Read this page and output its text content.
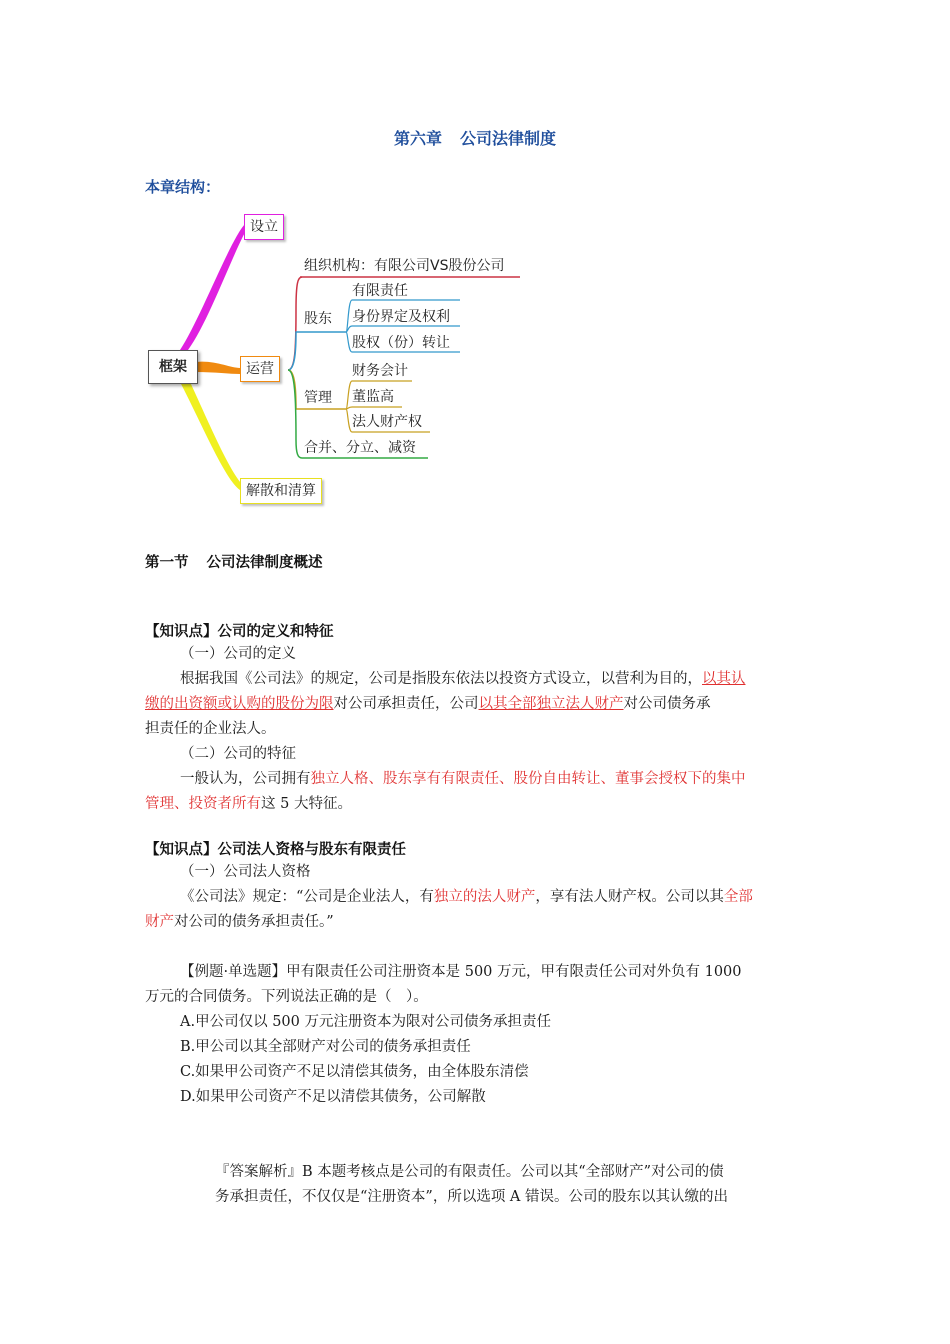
第六章 公司法律制度
本章结构：
框架
设立
运营
解散和清算
组织机构：有限公司VS股份公司
股东
有限责任
身份界定及权利
股权（份）转让
管理
财务会计
董监高
法人财产权
合并、分立、减资
第一节 公司法律制度概述
【知识点】公司的定义和特征
（一）公司的定义
根据我国《公司法》的规定，公司是指股东依法以投资方式设立，以营利为目的，以其认
缴的出资额或认购的股份为限对公司承担责任，公司以其全部独立法人财产对公司债务承
担责任的企业法人。
（二）公司的特征
一般认为，公司拥有独立人格、股东享有有限责任、股份自由转让、董事会授权下的集中
管理、投资者所有这 5 大特征。
【知识点】公司法人资格与股东有限责任
（一）公司法人资格
《公司法》规定：“公司是企业法人，有独立的法人财产，享有法人财产权。公司以其全部
财产对公司的债务承担责任。”
【例题·单选题】甲有限责任公司注册资本是 500 万元，甲有限责任公司对外负有 1000
万元的合同债务。下列说法正确的是（　）。
A.甲公司仅以 500 万元注册资本为限对公司债务承担责任
B.甲公司以其全部财产对公司的债务承担责任
C.如果甲公司资产不足以清偿其债务，由全体股东清偿
D.如果甲公司资产不足以清偿其债务，公司解散
『答案解析』B 本题考核点是公司的有限责任。公司以其“全部财产”对公司的债
务承担责任，不仅仅是“注册资本”，所以选项 A 错误。公司的股东以其认缴的出
